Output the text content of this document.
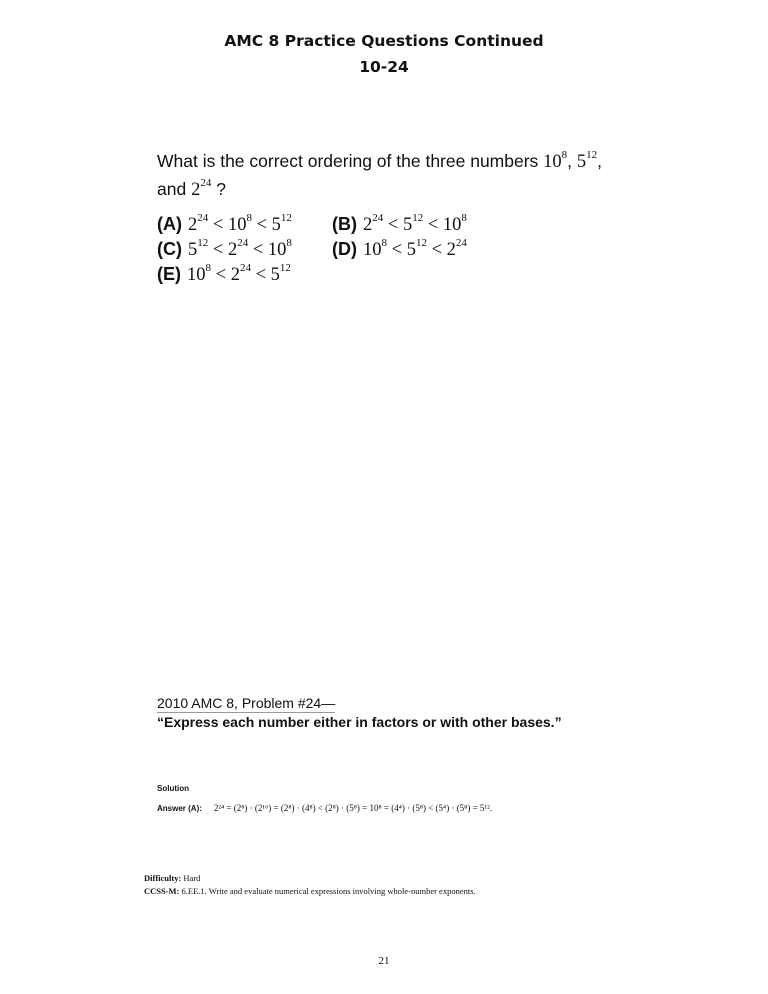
AMC 8 Practice Questions Continued
10-24
What is the correct ordering of the three numbers $10^8$, $5^{12}$,
and $2^{24}$ ?
(A) $2^{24} < 10^8 < 5^{12}$ (B) $2^{24} < 5^{12} < 10^8$
(C) $5^{12} < 2^{24} < 10^8$ (D) $10^8 < 5^{12} < 2^{24}$
(E) $10^8 < 2^{24} < 5^{12}$
2010 AMC 8, Problem #24—
“Express each number either in factors or with other bases.”
Solution
Answer (A): 2²⁴ = (2⁸) · (2¹⁶) = (2⁸) · (4⁸) < (2⁸) · (5⁸) = 10⁸ = (4⁴) · (5⁸) < (5⁴) · (5⁸) = 5¹².
Difficulty: Hard
CCSS-M: 6.EE.1. Write and evaluate numerical expressions involving whole-number exponents.
21
